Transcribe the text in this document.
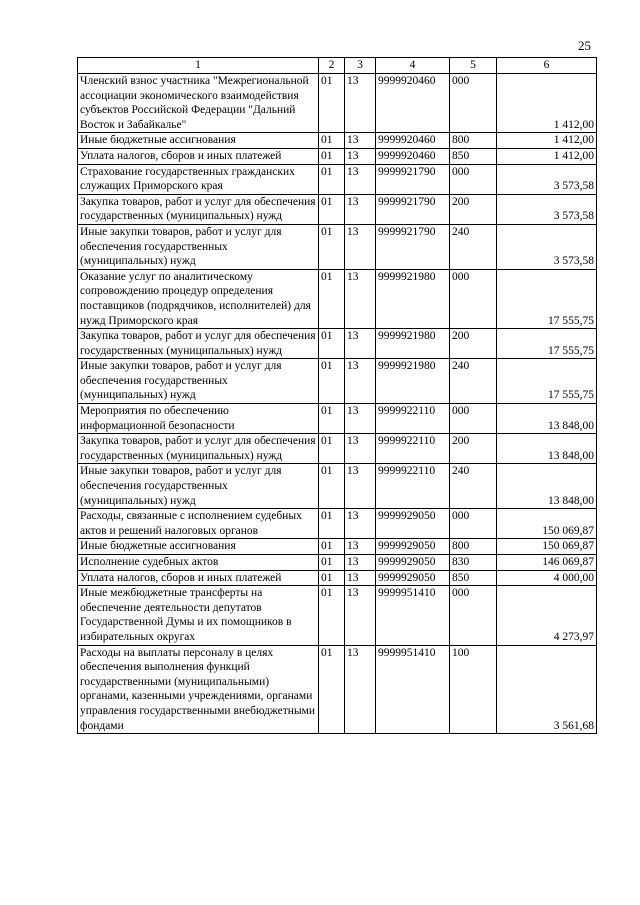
25
1	2	3	4	5	6
Членский взнос участника "Межрегиональной ассоциации экономического взаимодействия субъектов Российской Федерации "Дальний Восток и Забайкалье"	01	13	9999920460	000	1 412,00
Иные бюджетные ассигнования	01	13	9999920460	800	1 412,00
Уплата налогов, сборов и иных платежей	01	13	9999920460	850	1 412,00
Страхование государственных гражданских служащих Приморского края	01	13	9999921790	000	3 573,58
Закупка товаров, работ и услуг для обеспечения государственных (муниципальных) нужд	01	13	9999921790	200	3 573,58
Иные закупки товаров, работ и услуг для обеспечения государственных (муниципальных) нужд	01	13	9999921790	240	3 573,58
Оказание услуг по аналитическому сопровождению процедур определения поставщиков (подрядчиков, исполнителей) для нужд Приморского края	01	13	9999921980	000	17 555,75
Закупка товаров, работ и услуг для обеспечения государственных (муниципальных) нужд	01	13	9999921980	200	17 555,75
Иные закупки товаров, работ и услуг для обеспечения государственных (муниципальных) нужд	01	13	9999921980	240	17 555,75
Мероприятия по обеспечению информационной безопасности	01	13	9999922110	000	13 848,00
Закупка товаров, работ и услуг для обеспечения государственных (муниципальных) нужд	01	13	9999922110	200	13 848,00
Иные закупки товаров, работ и услуг для обеспечения государственных (муниципальных) нужд	01	13	9999922110	240	13 848,00
Расходы, связанные с исполнением судебных актов и решений налоговых органов	01	13	9999929050	000	150 069,87
Иные бюджетные ассигнования	01	13	9999929050	800	150 069,87
Исполнение судебных актов	01	13	9999929050	830	146 069,87
Уплата налогов, сборов и иных платежей	01	13	9999929050	850	4 000,00
Иные межбюджетные трансферты на обеспечение деятельности депутатов Государственной Думы и их помощников в избирательных округах	01	13	9999951410	000	4 273,97
Расходы на выплаты персоналу в целях обеспечения выполнения функций государственными (муниципальными) органами, казенными учреждениями, органами управления государственными внебюджетными фондами	01	13	9999951410	100	3 561,68
